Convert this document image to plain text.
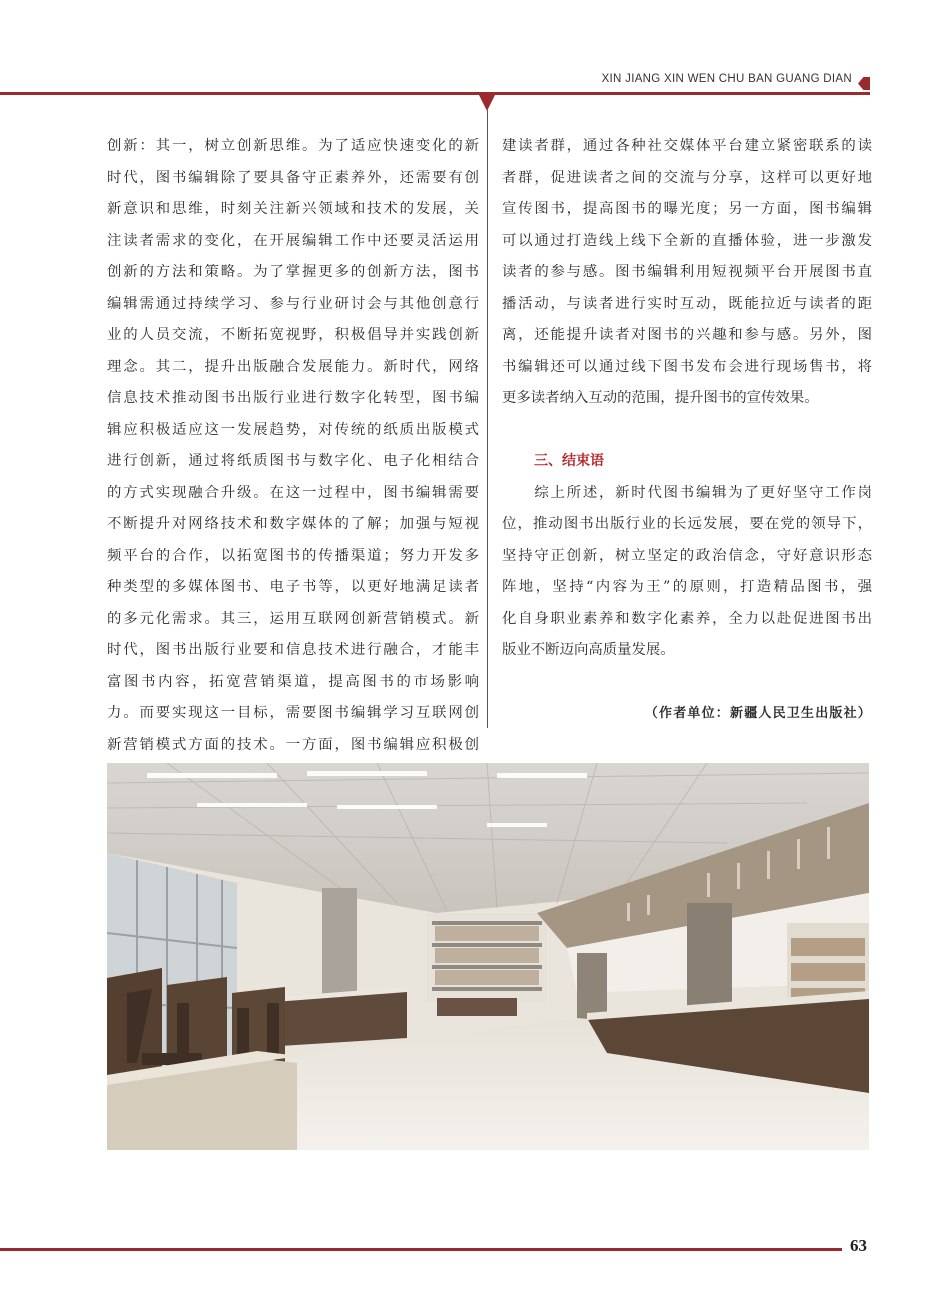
XIN JIANG XIN WEN CHU BAN GUANG DIAN
创新：其一，树立创新思维。为了适应快速变化的新
时代，图书编辑除了要具备守正素养外，还需要有创
新意识和思维，时刻关注新兴领域和技术的发展，关
注读者需求的变化，在开展编辑工作中还要灵活运用
创新的方法和策略。为了掌握更多的创新方法，图书
编辑需通过持续学习、参与行业研讨会与其他创意行
业的人员交流，不断拓宽视野，积极倡导并实践创新
理念。其二，提升出版融合发展能力。新时代，网络
信息技术推动图书出版行业进行数字化转型，图书编
辑应积极适应这一发展趋势，对传统的纸质出版模式
进行创新，通过将纸质图书与数字化、电子化相结合
的方式实现融合升级。在这一过程中，图书编辑需要
不断提升对网络技术和数字媒体的了解；加强与短视
频平台的合作，以拓宽图书的传播渠道；努力开发多
种类型的多媒体图书、电子书等，以更好地满足读者
的多元化需求。其三，运用互联网创新营销模式。新
时代，图书出版行业要和信息技术进行融合，才能丰
富图书内容，拓宽营销渠道，提高图书的市场影响
力。而要实现这一目标，需要图书编辑学习互联网创
新营销模式方面的技术。一方面，图书编辑应积极创
建读者群，通过各种社交媒体平台建立紧密联系的读
者群，促进读者之间的交流与分享，这样可以更好地
宣传图书，提高图书的曝光度；另一方面，图书编辑
可以通过打造线上线下全新的直播体验，进一步激发
读者的参与感。图书编辑利用短视频平台开展图书直
播活动，与读者进行实时互动，既能拉近与读者的距
离，还能提升读者对图书的兴趣和参与感。另外，图
书编辑还可以通过线下图书发布会进行现场售书，将
更多读者纳入互动的范围，提升图书的宣传效果。
三、结束语
　　综上所述，新时代图书编辑为了更好坚守工作岗
位，推动图书出版行业的长远发展，要在党的领导下，
坚持守正创新，树立坚定的政治信念，守好意识形态
阵地，坚持“内容为王”的原则，打造精品图书，强
化自身职业素养和数字化素养，全力以赴促进图书出
版业不断迈向高质量发展。
（作者单位：新疆人民卫生出版社）
63
